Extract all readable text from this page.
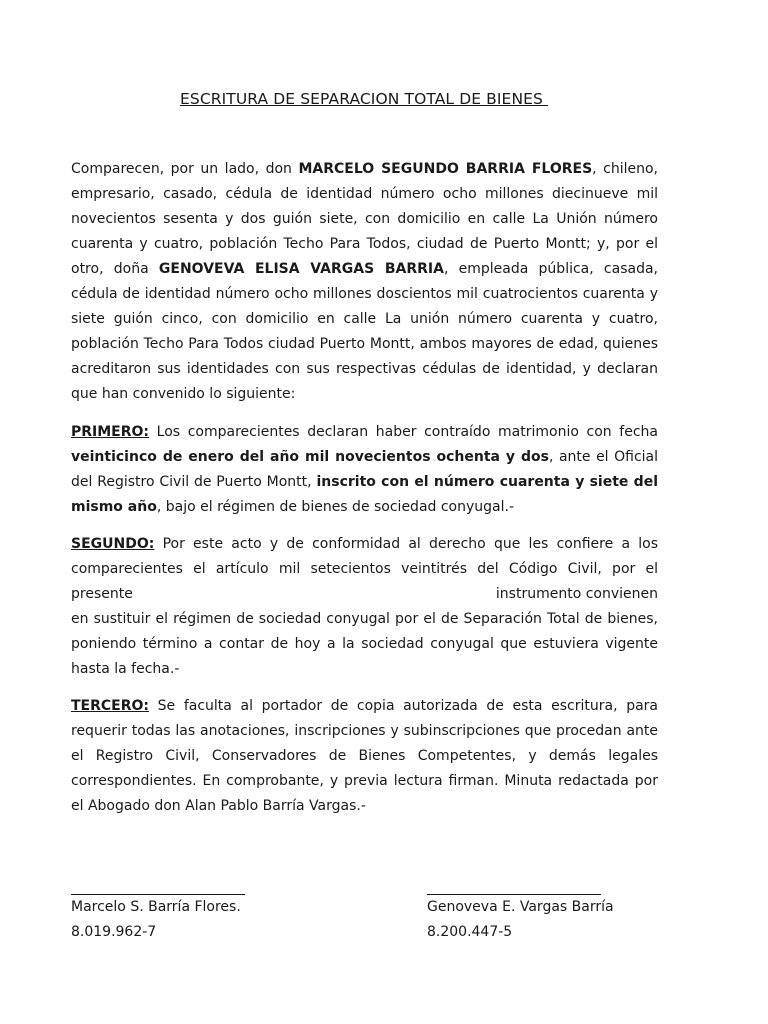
ESCRITURA DE SEPARACION TOTAL DE BIENES

Comparecen, por un lado, don MARCELO SEGUNDO BARRIA FLORES, chileno, empresario, casado, cédula de identidad número ocho millones diecinueve mil novecientos sesenta y dos guión siete, con domicilio en calle La Unión número cuarenta y cuatro, población Techo Para Todos, ciudad de Puerto Montt; y, por el otro, doña GENOVEVA ELISA VARGAS BARRIA, empleada pública, casada, cédula de identidad número ocho millones doscientos mil cuatrocientos cuarenta y siete guión cinco, con domicilio en calle La unión número cuarenta y cuatro, población Techo Para Todos ciudad Puerto Montt, ambos mayores de edad, quienes acreditaron sus identidades con sus respectivas cédulas de identidad, y declaran que han convenido lo siguiente:

PRIMERO: Los comparecientes declaran haber contraído matrimonio con fecha veinticinco de enero del año mil novecientos ochenta y dos, ante el Oficial del Registro Civil de Puerto Montt, inscrito con el número cuarenta y siete del mismo año, bajo el régimen de bienes de sociedad conyugal.-

SEGUNDO: Por este acto y de conformidad al derecho que les confiere a los comparecientes el artículo mil setecientos veintitrés del Código Civil, por el
presente	instrumento convienen
en sustituir el régimen de sociedad conyugal por el de Separación Total de bienes, poniendo término a contar de hoy a la sociedad conyugal que estuviera vigente hasta la fecha.-

TERCERO: Se faculta al portador de copia autorizada de esta escritura, para requerir todas las anotaciones, inscripciones y subinscripciones que procedan ante el Registro Civil, Conservadores de Bienes Competentes, y demás legales correspondientes. En comprobante, y previa lectura firman. Minuta redactada por el Abogado don Alan Pablo Barría Vargas.-

Marcelo S. Barría Flores.
8.019.962-7
Genoveva E. Vargas Barría
8.200.447-5
